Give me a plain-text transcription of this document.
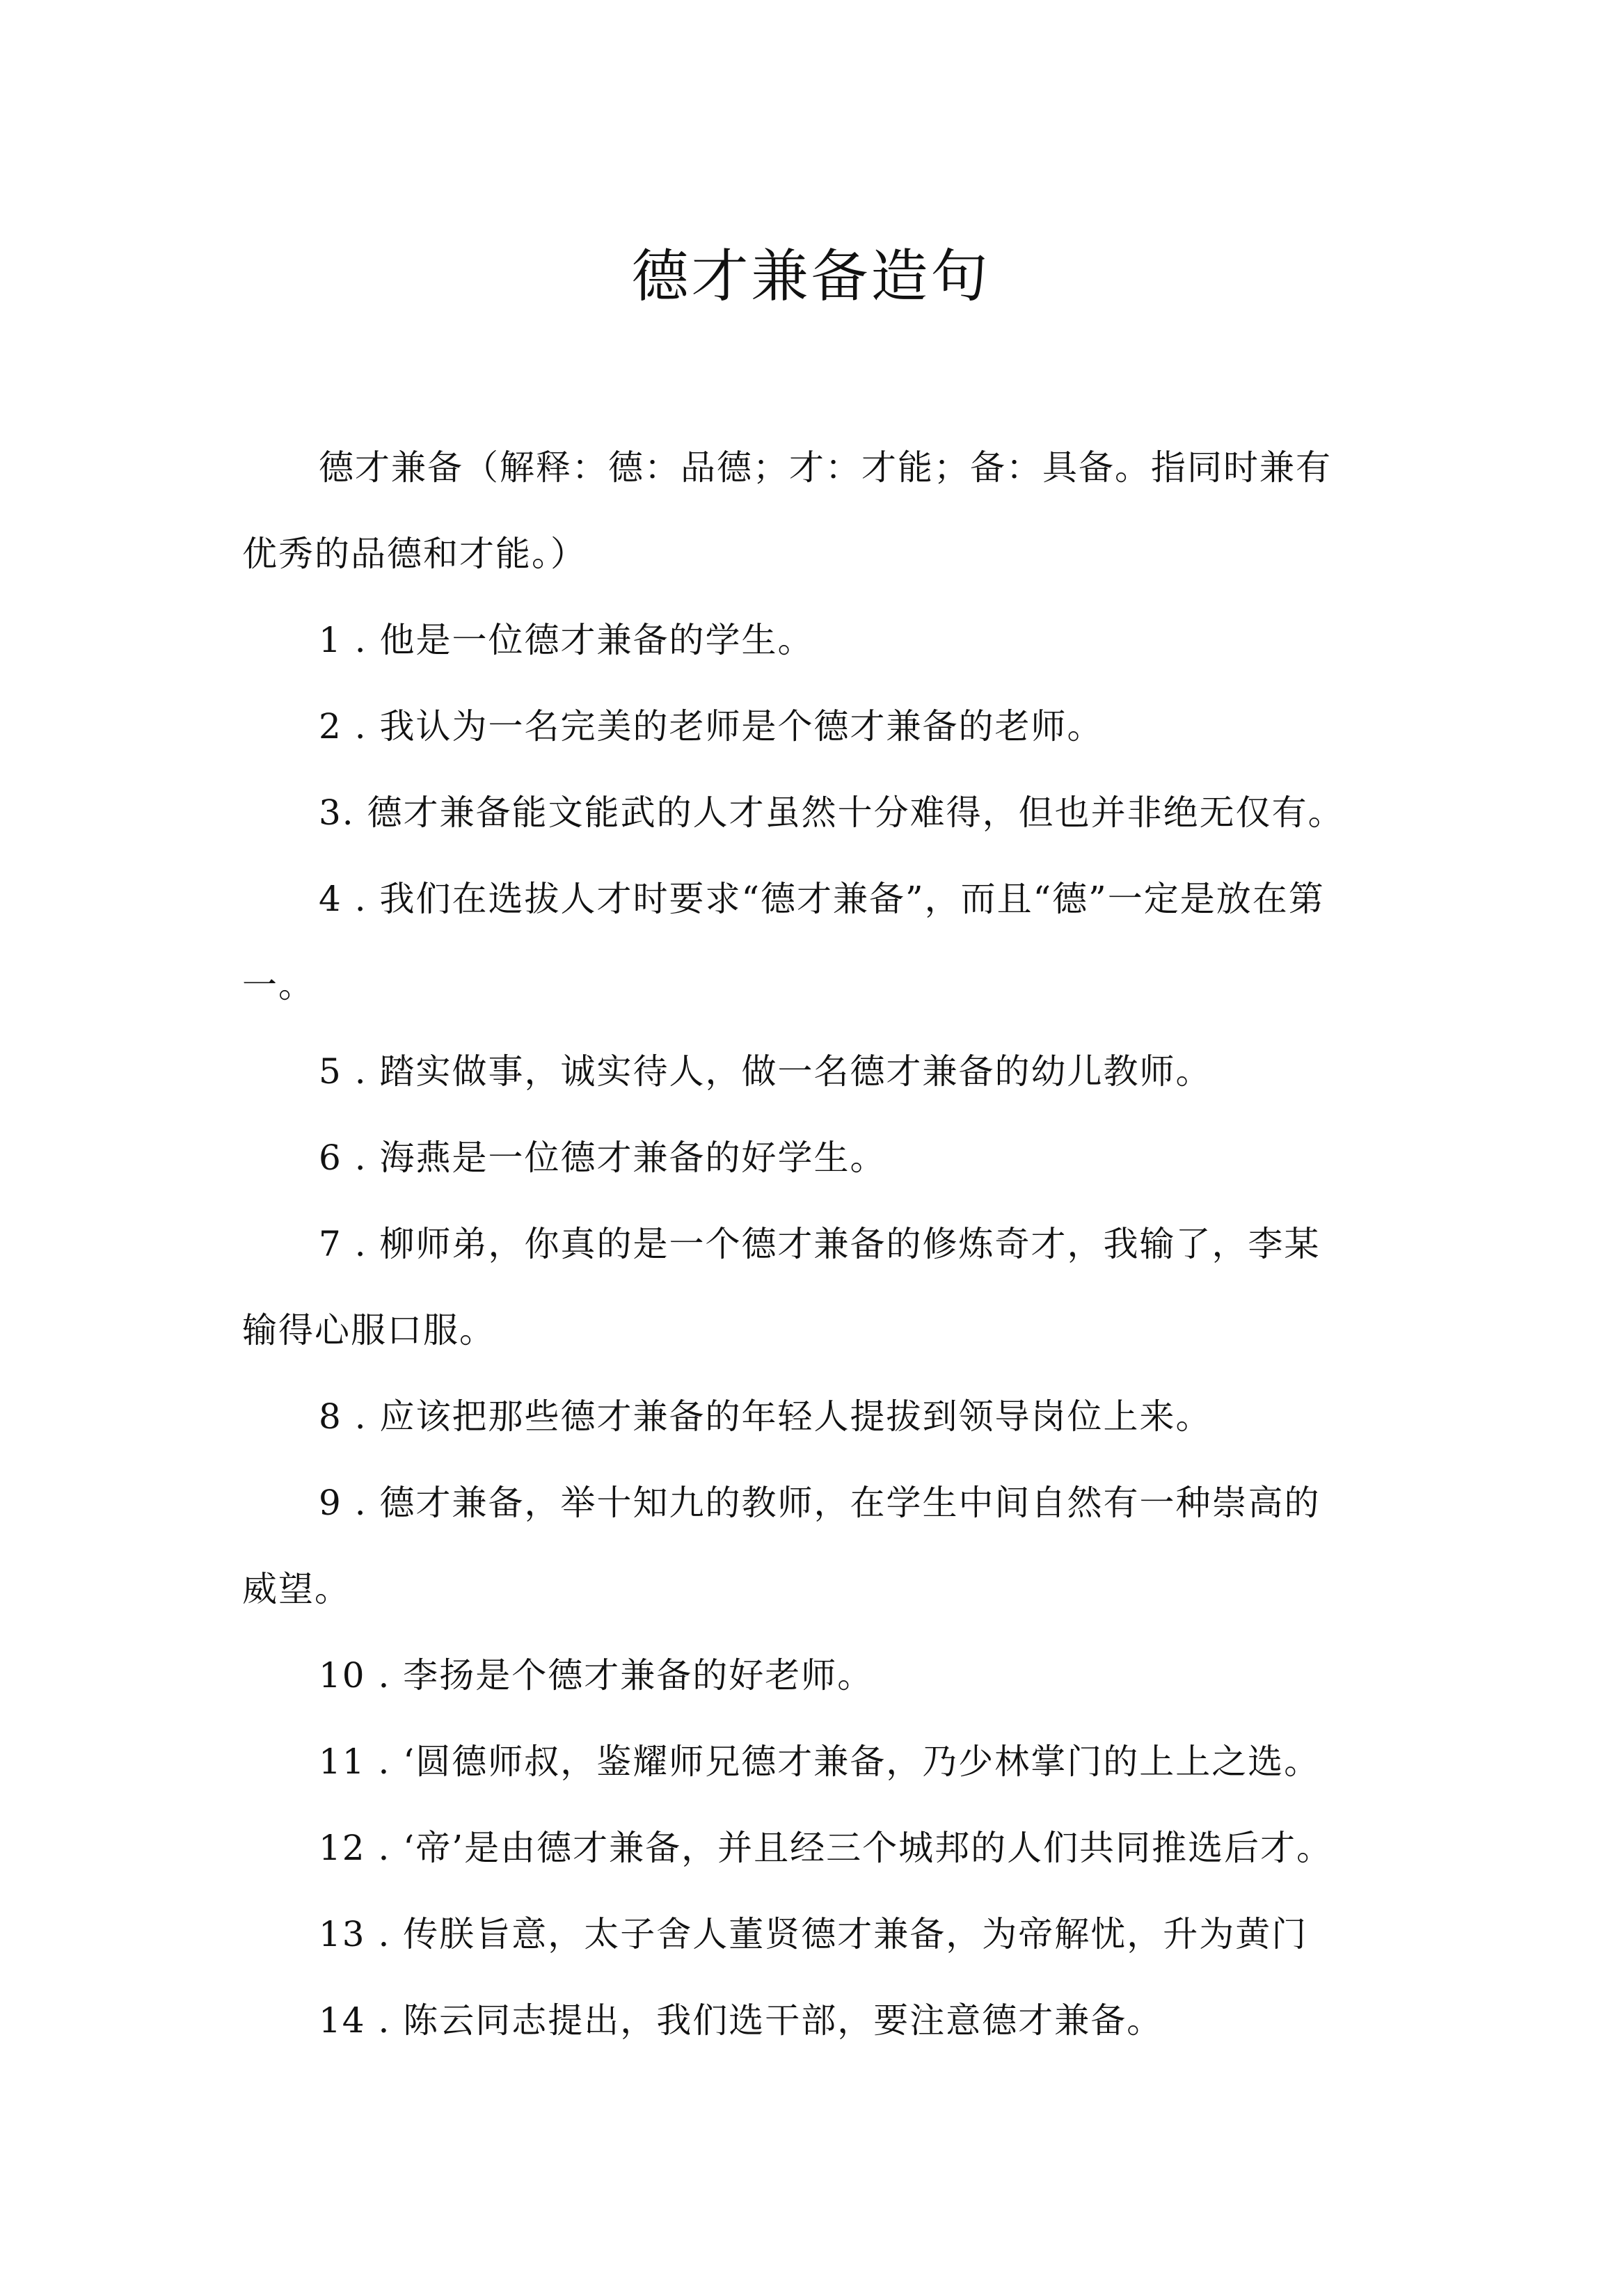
德才兼备造句

德才兼备（解释：德：品德；才：才能；备：具备。指同时兼有优秀的品德和才能。）

1 . 他是一位德才兼备的学生。

2 . 我认为一名完美的老师是个德才兼备的老师。

3. 德才兼备能文能武的人才虽然十分难得，但也并非绝无仅有。

4 . 我们在选拔人才时要求“德才兼备”，而且“德”一定是放在第一。

5 . 踏实做事，诚实待人，做一名德才兼备的幼儿教师。

6 . 海燕是一位德才兼备的好学生。

7 . 柳师弟，你真的是一个德才兼备的修炼奇才，我输了，李某 输得心服口服。

8 . 应该把那些德才兼备的年轻人提拔到领导岗位上来。

9 . 德才兼备，举十知九的教师，在学生中间自然有一种崇高的 威望。

10 . 李扬是个德才兼备的好老师。

11 . ‘圆德师叔，鉴耀师兄德才兼备，乃少林掌门的上上之选。

12 . ‘帝’是由德才兼备，并且经三个城邦的人们共同推选后才。

13 . 传朕旨意，太子舍人董贤德才兼备，为帝解忧，升为黄门

14 . 陈云同志提出，我们选干部，要注意德才兼备。
